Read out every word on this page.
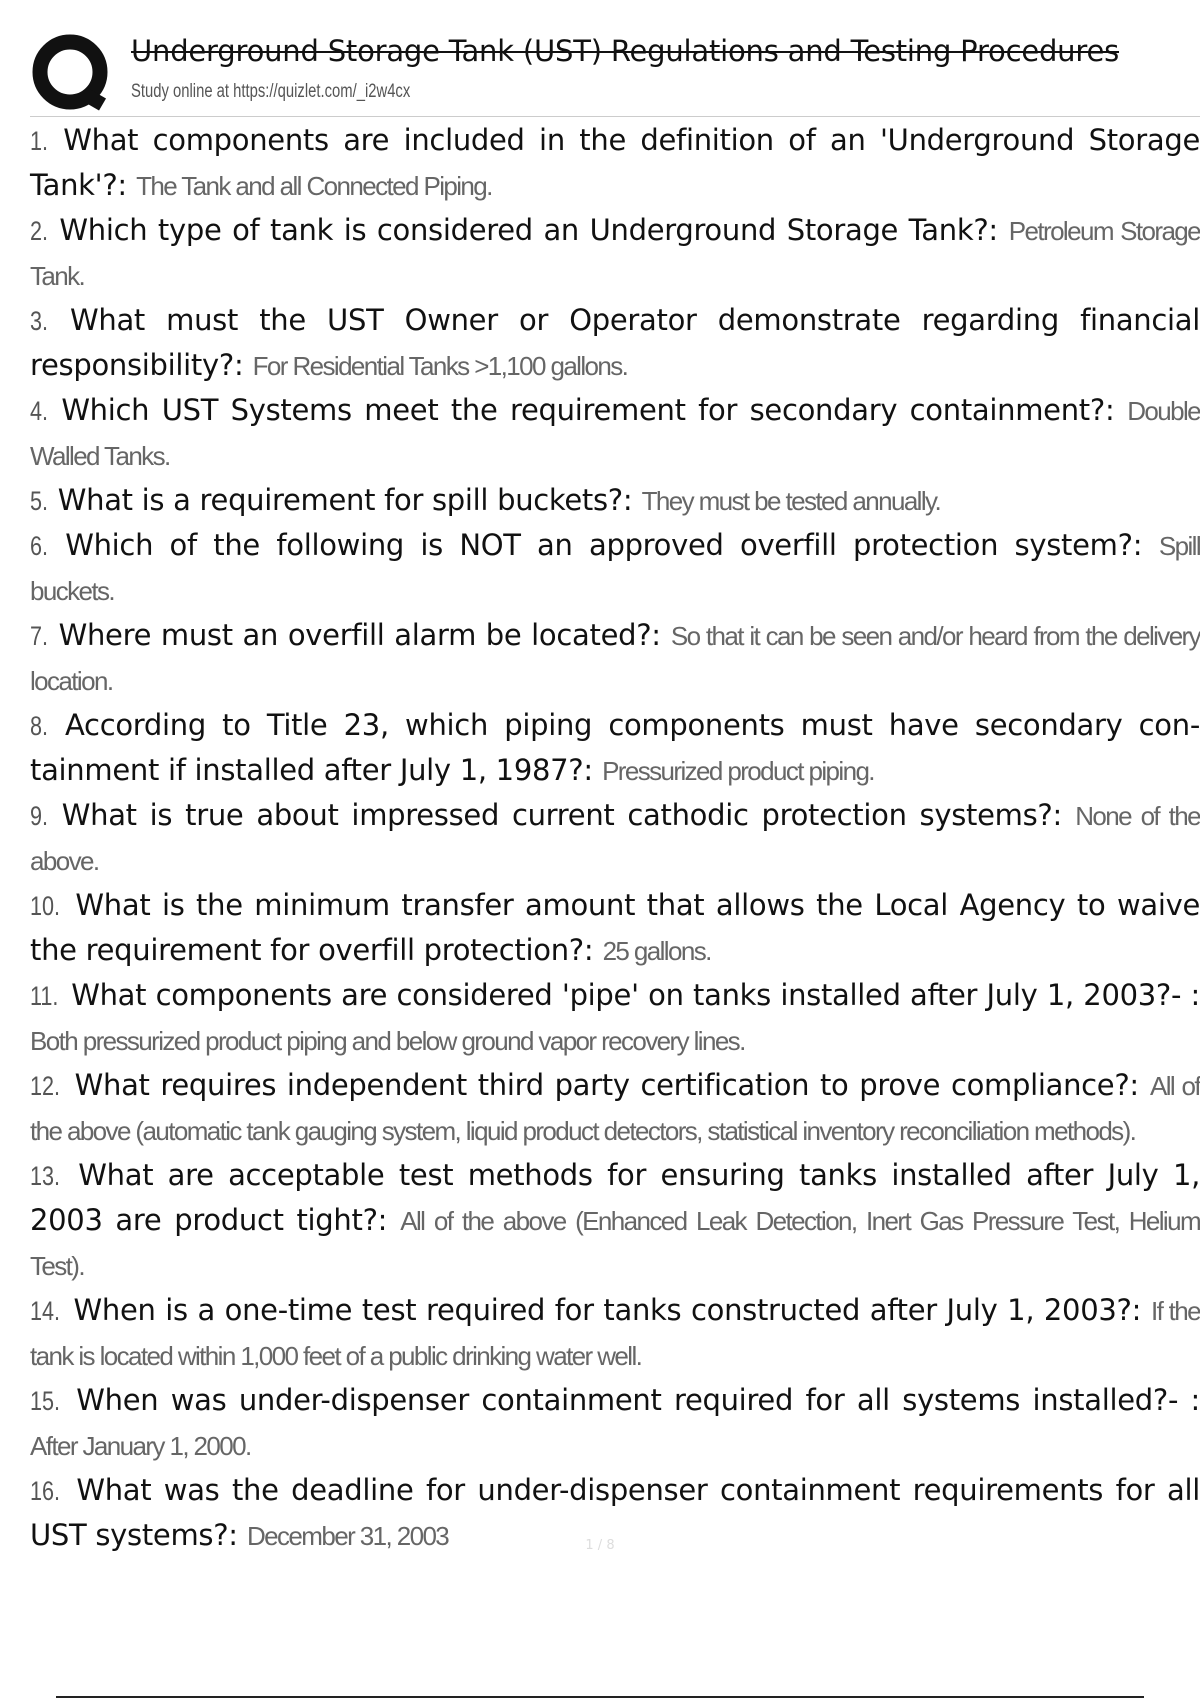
Underground Storage Tank (UST) Regulations and Testing Procedures
Study online at https://quizlet.com/_i2w4cx
1. What components are included in the definition of an 'Underground Storage Tank'?: The Tank and all Connected Piping.
2. Which type of tank is considered an Underground Storage Tank?: Petroleum Storage Tank.
3. What must the UST Owner or Operator demonstrate regarding financial responsibility?: For Residential Tanks >1,100 gallons.
4. Which UST Systems meet the requirement for secondary containment?: Double Walled Tanks.
5. What is a requirement for spill buckets?: They must be tested annually.
6. Which of the following is NOT an approved overfill protection system?: Spill buckets.
7. Where must an overfill alarm be located?: So that it can be seen and/or heard from the delivery location.
8. According to Title 23, which piping components must have secondary con- tainment if installed after July 1, 1987?: Pressurized product piping.
9. What is true about impressed current cathodic protection systems?: None of the above.
10. What is the minimum transfer amount that allows the Local Agency to waive the requirement for overfill protection?: 25 gallons.
11. What components are considered 'pipe' on tanks installed after July 1, 2003?- : Both pressurized product piping and below ground vapor recovery lines.
12. What requires independent third party certification to prove compliance?: All of the above (automatic tank gauging system, liquid product detectors, statistical inventory reconciliation methods).
13. What are acceptable test methods for ensuring tanks installed after July 1, 2003 are product tight?: All of the above (Enhanced Leak Detection, Inert Gas Pressure Test, Helium Test).
14. When is a one-time test required for tanks constructed after July 1, 2003?: If the tank is located within 1,000 feet of a public drinking water well.
15. When was under-dispenser containment required for all systems installed?- : After January 1, 2000.
16. What was the deadline for under-dispenser containment requirements for all UST systems?: December 31, 2003	1 / 8
